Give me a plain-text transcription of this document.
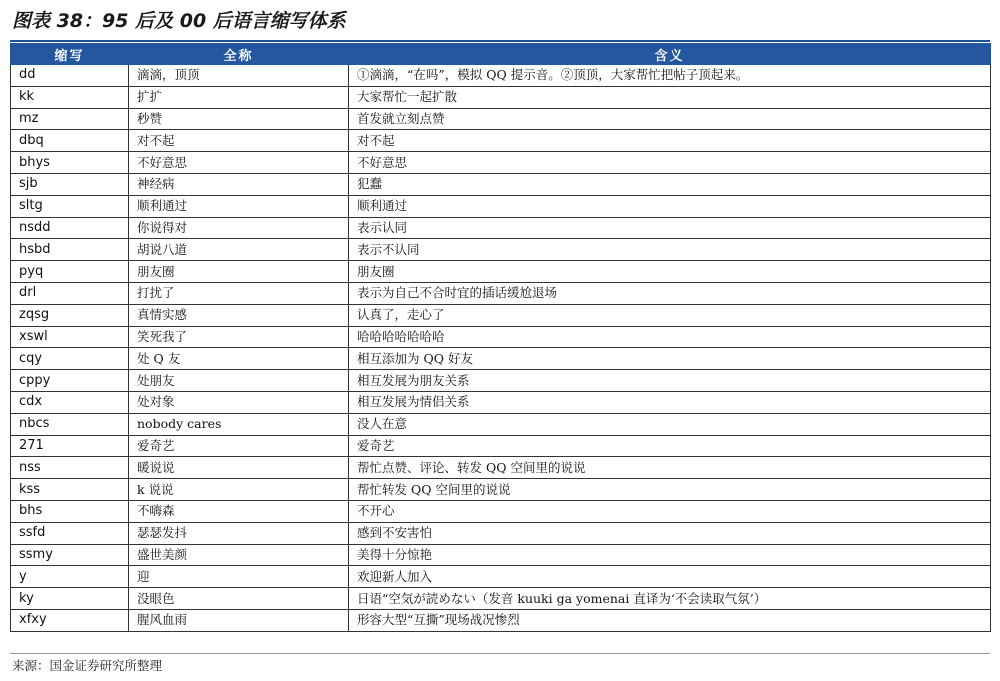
图表 38：95 后及 00 后语言缩写体系
缩写	全称	含义
dd	滴滴，顶顶	①滴滴，“在吗”，模拟 QQ 提示音。②顶顶，大家帮忙把帖子顶起来。
kk	扩扩	大家帮忙一起扩散
mz	秒赞	首发就立刻点赞
dbq	对不起	对不起
bhys	不好意思	不好意思
sjb	神经病	犯蠢
sltg	顺利通过	顺利通过
nsdd	你说得对	表示认同
hsbd	胡说八道	表示不认同
pyq	朋友圈	朋友圈
drl	打扰了	表示为自己不合时宜的插话缓尬退场
zqsg	真情实感	认真了，走心了
xswl	笑死我了	哈哈哈哈哈哈哈
cqy	处 Q 友	相互添加为 QQ 好友
cppy	处朋友	相互发展为朋友关系
cdx	处对象	相互发展为情侣关系
nbcs	nobody cares	没人在意
271	爱奇艺	爱奇艺
nss	暖说说	帮忙点赞、评论、转发 QQ 空间里的说说
kss	k 说说	帮忙转发 QQ 空间里的说说
bhs	不嗨森	不开心
ssfd	瑟瑟发抖	感到不安害怕
ssmy	盛世美颜	美得十分惊艳
y	迎	欢迎新人加入
ky	没眼色	日语“空気が読めない（发音 kuuki ga yomenai 直译为‘不会读取气氛’）
xfxy	腥风血雨	形容大型“互撕”现场战况惨烈
来源：国金证券研究所整理
